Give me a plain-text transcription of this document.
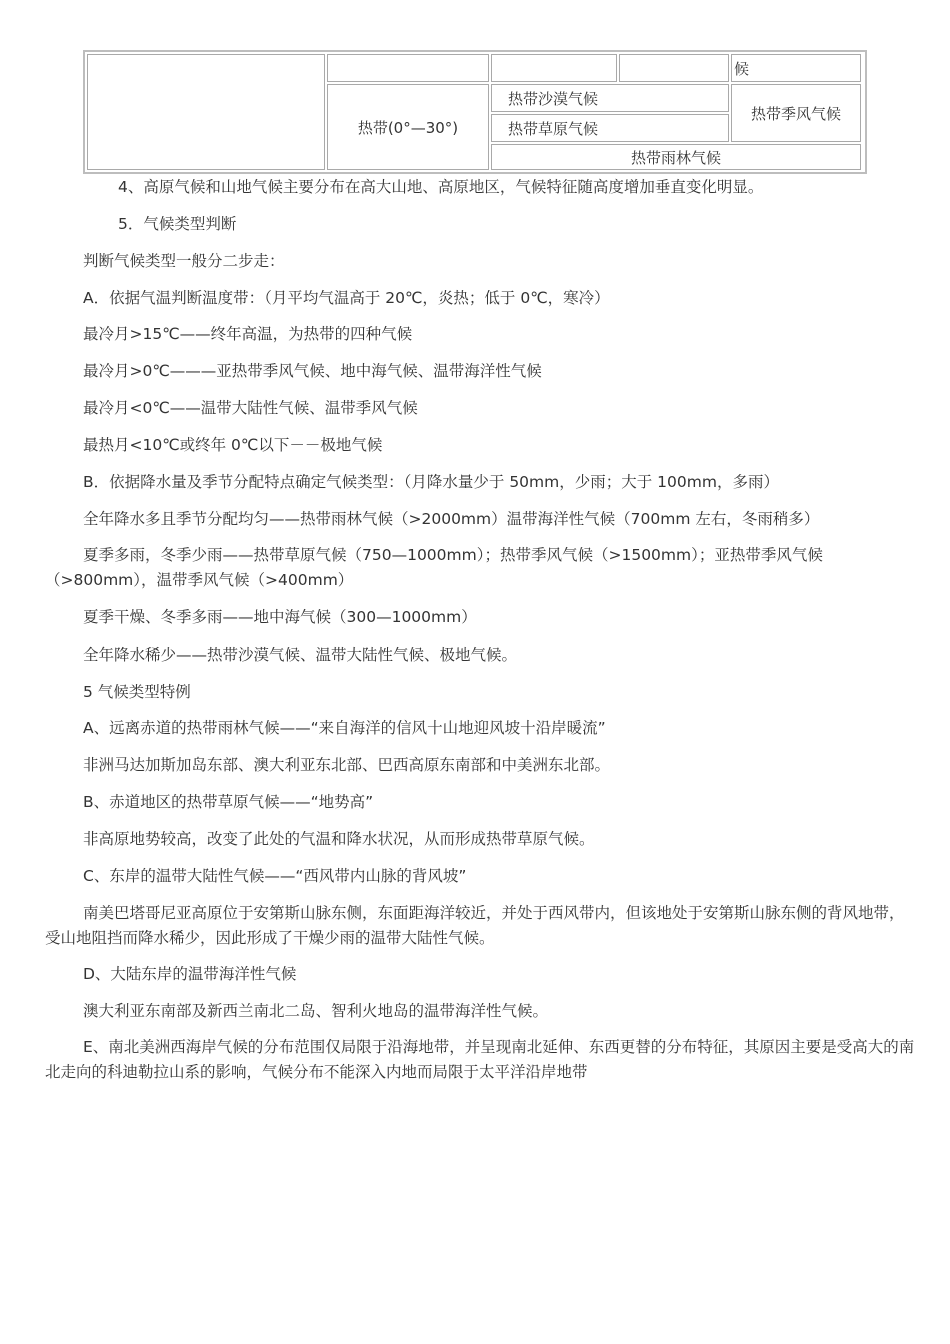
热带(0°—30°)
候
热带沙漠气候
热带草原气候
热带季风气候
热带雨林气候
4、高原气候和山地气候主要分布在高大山地、高原地区，气候特征随高度增加垂直变化明显。
5．气候类型判断
判断气候类型一般分二步走：
A．依据气温判断温度带：（月平均气温高于 20℃，炎热；低于 0℃，寒冷）
最冷月>15℃——终年高温，为热带的四种气候
最冷月>0℃———亚热带季风气候、地中海气候、温带海洋性气候
最冷月<0℃——温带大陆性气候、温带季风气候
最热月<10℃或终年 0℃以下－－极地气候
B．依据降水量及季节分配特点确定气候类型：（月降水量少于 50mm，少雨；大于 100mm，多雨）
全年降水多且季节分配均匀——热带雨林气候（>2000mm）温带海洋性气候（700mm 左右，冬雨稍多）
夏季多雨，冬季少雨——热带草原气候（750—1000mm）；热带季风气候（>1500mm）；亚热带季风气候（>800mm），温带季风气候（>400mm）
夏季干燥、冬季多雨——地中海气候（300—1000mm）
全年降水稀少——热带沙漠气候、温带大陆性气候、极地气候。
5 气候类型特例
A、远离赤道的热带雨林气候——“来自海洋的信风十山地迎风坡十沿岸暖流”
非洲马达加斯加岛东部、澳大利亚东北部、巴西高原东南部和中美洲东北部。
B、赤道地区的热带草原气候——“地势高”
非高原地势较高，改变了此处的气温和降水状况，从而形成热带草原气候。
C、东岸的温带大陆性气候——“西风带内山脉的背风坡”
南美巴塔哥尼亚高原位于安第斯山脉东侧，东面距海洋较近，并处于西风带内，但该地处于安第斯山脉东侧的背风地带，受山地阻挡而降水稀少，因此形成了干燥少雨的温带大陆性气候。
D、大陆东岸的温带海洋性气候
澳大利亚东南部及新西兰南北二岛、智利火地岛的温带海洋性气候。
E、南北美洲西海岸气候的分布范围仅局限于沿海地带，并呈现南北延伸、东西更替的分布特征，其原因主要是受高大的南北走向的科迪勒拉山系的影响，气候分布不能深入内地而局限于太平洋沿岸地带
